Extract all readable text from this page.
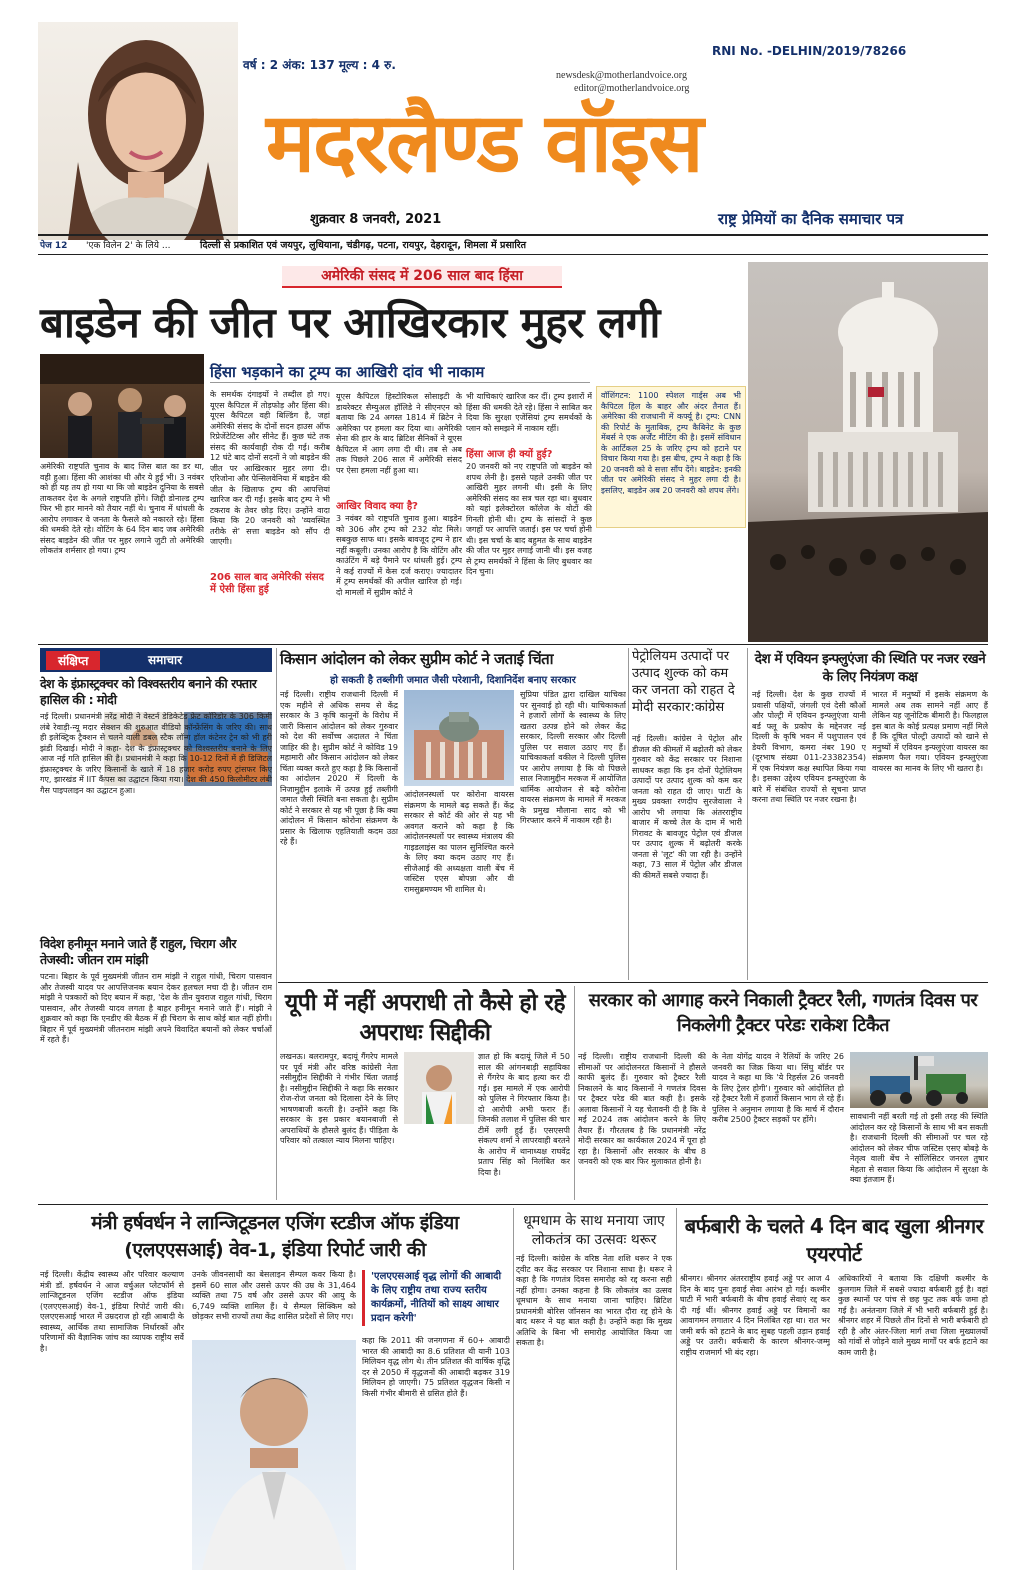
वर्ष : 2 अंक: 137 मूल्य : 4 रु.
RNI No. -DELHIN/2019/78266
newsdesk@motherlandvoice.org
editor@motherlandvoice.org
मदरलैण्ड वॉइस
शुक्रवार 8 जनवरी, 2021	राष्ट्र प्रेमियों का दैनिक समाचार पत्र
पेज 12 'एक विलेन 2' के लिये ...	दिल्ली से प्रकाशित एवं जयपुर, लुधियाना, चंडीगढ़, पटना, रायपुर, देहरादून, शिमला में प्रसारित
अमेरिकी संसद में 206 साल बाद हिंसा
बाइडेन की जीत पर आखिरकार मुहर लगी
हिंसा भड़काने का ट्रम्प का आखिरी दांव भी नाकाम
के समर्थक दंगाइयों ने तब्दील हो गए। यूएस कैपिटल में तोड़फोड़ और हिंसा की। यूएस कैपिटल वही बिल्डिंग है, जहां अमेरिकी संसद के दोनों सदन हाउस ऑफ रिप्रेजेंटेटिव्स और सीनेट हैं। कुछ घंटे तक संसद की कार्यवाही रोक दी गई। करीब 12 घंटे बाद दोनों सदनों ने जो बाइडेन की जीत पर आखिरकार मुहर लगा दी। एरिजोना और पेन्सिलवेनिया में बाइडेन की जीत के खिलाफ ट्रम्प की आपत्तियां खारिज कर दी गईं। इसके बाद ट्रम्प ने भी टकराव के तेवर छोड़ दिए। उन्होंने वादा किया कि 20 जनवरी को 'व्यवस्थित तरीके से' सत्ता बाइडेन को सौंप दी जाएगी।
206 साल बाद अमेरिकी संसद में ऐसी हिंसा हुई
अमेरिकी राष्ट्रपति चुनाव के बाद जिस बात का डर था, वही हुआ। हिंसा की आशंका थी और ये हुई भी। 3 नवंबर को ही यह तय हो गया था कि जो बाइडेन दुनिया के सबसे ताकतवर देश के अगले राष्ट्रपति होंगे। जिद्दी डोनाल्ड ट्रम्प फिर भी हार मानने को तैयार नहीं थे। चुनाव में धांधली के आरोप लगाकर वे जनता के फैसले को नकारते रहे। हिंसा की धमकी देते रहे। वोटिंग के 64 दिन बाद जब अमेरिकी संसद बाइडेन की जीत पर मुहर लगाने जुटी तो अमेरिकी लोकतंत्र शर्मसार हो गया। ट्रम्प
यूएस कैपिटल हिस्टोरिकल सोसाइटी के डायरेक्टर सैम्युअल हॉलिडे ने सीएनएन को बताया कि 24 अगस्त 1814 में ब्रिटेन ने अमेरिका पर हमला कर दिया था। अमेरिकी सेना की हार के बाद ब्रिटिश सैनिकों ने यूएस कैपिटल में आग लगा दी थी। तब से अब तक पिछले 206 साल में अमेरिकी संसद पर ऐसा हमला नहीं हुआ था।
आखिर विवाद क्या है?
3 नवंबर को राष्ट्रपति चुनाव हुआ। बाइडेन को 306 और ट्रम्प को 232 वोट मिले। सबकुछ साफ था। इसके बावजूद ट्रम्प ने हार नहीं कबूली। उनका आरोप है कि वोटिंग और काउंटिंग में बड़े पैमाने पर धांधली हुई। ट्रम्प ने कई राज्यों में केस दर्ज कराए। ज्यादातर में ट्रम्प समर्थकों की अपील खारिज हो गई। दो मामलों में सुप्रीम कोर्ट ने
भी याचिकाएं खारिज कर दीं। ट्रम्प इशारों में हिंसा की धमकी देते रहे। हिंसा ने साबित कर दिया कि सुरक्षा एजेंसियां ट्रम्प समर्थकों के प्लान को समझने में नाकाम रहीं।
हिंसा आज ही क्यों हुई?
20 जनवरी को नए राष्ट्रपति जो बाइडेन को शपथ लेनी है। इससे पहले उनकी जीत पर आखिरी मुहर लगनी थी। इसी के लिए अमेरिकी संसद का सत्र चल रहा था। बुधवार को यहां इलेक्टोरल कॉलेज के वोटों की गिनती होनी थी। ट्रम्प के सांसदों ने कुछ जगहों पर आपत्ति जताई। इस पर चर्चा होनी थी। इस चर्चा के बाद बहुमत के साथ बाइडेन की जीत पर मुहर लगाई जानी थी। इस वजह से ट्रम्प समर्थकों ने हिंसा के लिए बुधवार का दिन चुना।
वॉशिंगटन: 1100 स्पेशल गार्ड्स अब भी कैपिटल हिल के बाहर और अंदर तैनात हैं। अमेरिका की राजधानी में कर्फ्यू है। ट्रम्प: CNN की रिपोर्ट के मुताबिक, ट्रम्प कैबिनेट के कुछ मेंबर्स ने एक अर्जेंट मीटिंग की है। इसमें संविधान के आर्टिकल 25 के जरिए ट्रम्प को हटाने पर विचार किया गया है। इस बीच, ट्रम्प ने कहा है कि 20 जनवरी को वे सत्ता सौंप देंगे। बाइडेन: इनकी जीत पर अमेरिकी संसद ने मुहर लगा दी है। इसलिए, बाइडेन अब 20 जनवरी को शपथ लेंगे।
संक्षिप्त	समाचार
देश के इंफ्रास्ट्रक्चर को विश्वस्तरीय बनाने की रफ्तार हासिल की : मोदी
नई दिल्ली। प्रधानमंत्री नरेंद्र मोदी ने वेस्टर्न डेडिकेटेड फ्रेट कॉरिडोर के 306 किमी लंबे रेवाड़ी-न्यू मदार सेक्शन की शुरुआत वीडियो कॉन्फ्रेंसिंग के जरिए की। साथ ही इलेक्ट्रिक ट्रैक्शन से चलने वाली डबल स्टैक लॉन्ग हॉल कंटेनर ट्रेन को भी हरी झंडी दिखाई। मोदी ने कहा- देश के इंफ्रास्ट्रक्चर को विश्वस्तरीय बनाने के लिए आज नई गति हासिल की है। प्रधानमंत्री ने कहा कि 10-12 दिनों में ही डिजिटल इंफ्रास्ट्रक्चर के जरिए किसानों के खाते में 18 हजार करोड़ रुपए ट्रांसफर किए गए, झारखंड में IIT कैंपस का उद्घाटन किया गया। देश की 450 किलोमीटर लंबी गैस पाइपलाइन का उद्घाटन हुआ।
विदेश हनीमून मनाने जाते हैं राहुल, चिराग और तेजस्वी: जीतन राम मांझी
पटना। बिहार के पूर्व मुख्यमंत्री जीतन राम मांझी ने राहुल गांधी, चिराग पासवान और तेजस्वी यादव पर आपत्तिजनक बयान देकर हलचल मचा दी है। जीतन राम मांझी ने पत्रकारों को दिए बयान में कहा, 'देश के तीन युवराज राहुल गांधी, चिराग पासवान, और तेजस्वी यादव लगता है बाहर हनीमून मनाने जाते हैं'। मांझी ने शुक्रवार को कहा कि एनडीए की बैठक में ही चिराग के साथ कोई बात नहीं होगी। बिहार में पूर्व मुख्यमंत्री जीतनराम मांझी अपने विवादित बयानों को लेकर चर्चाओं में रहते हैं।
किसान आंदोलन को लेकर सुप्रीम कोर्ट ने जताई चिंता
हो सकती है तब्लीगी जमात जैसी परेशानी, दिशानिर्देश बनाए सरकार
नई दिल्ली। राष्ट्रीय राजधानी दिल्ली में एक महीने से अधिक समय से केंद्र सरकार के 3 कृषि कानूनों के विरोध में जारी किसान आंदोलन को लेकर गुरुवार को देश की सर्वोच्च अदालत ने चिंता जाहिर की है। सुप्रीम कोर्ट ने कोविड 19 महामारी और किसान आंदोलन को लेकर चिंता व्यक्त करते हुए कहा है कि किसानों का आंदोलन 2020 में दिल्ली के निजामुद्दीन इलाके में उत्पन्न हुई तब्लीगी जमात जैसी स्थिति बना सकता है। सुप्रीम कोर्ट ने सरकार से यह भी पूछा है कि क्या आंदोलन में किसान कोरोना संक्रमण के प्रसार के खिलाफ एहतियाती कदम उठा रहे हैं।
आंदोलनस्थलों पर कोरोना वायरस संक्रमण के मामले बढ़ सकते हैं। केंद्र सरकार से कोर्ट की ओर से यह भी अवगत कराने को कहा है कि आंदोलनस्थलों पर स्वास्थ्य मंत्रालय की गाइडलाइंस का पालन सुनिश्चित करने के लिए क्या कदम उठाए गए हैं। सीजेआई की अध्यक्षता वाली बेंच में जस्टिस एएस बोपन्ना और वी रामसुब्रमण्यम भी शामिल थे।
सुप्रिया पंडित द्वारा दाखिल याचिका पर सुनवाई हो रही थी। याचिकाकर्ता ने हजारों लोगों के स्वास्थ्य के लिए खतरा उत्पन्न होने को लेकर केंद्र सरकार, दिल्ली सरकार और दिल्ली पुलिस पर सवाल उठाए गए हैं। याचिकाकर्ता वकील ने दिल्ली पुलिस पर आरोप लगाया है कि वो पिछले साल निजामुद्दीन मरकज में आयोजित धार्मिक आयोजन से बढ़े कोरोना वायरस संक्रमण के मामले में मरकज के प्रमुख मौलाना साद को भी गिरफ्तार करने में नाकाम रही है।
पेट्रोलियम उत्पादों पर उत्पाद शुल्क को कम कर जनता को राहत दे मोदी सरकार:कांग्रेस
नई दिल्ली। कांग्रेस ने पेट्रोल और डीजल की कीमतों में बढ़ोतरी को लेकर गुरुवार को केंद्र सरकार पर निशाना साधकर कहा कि इन दोनों पेट्रोलियम उत्पादों पर उत्पाद शुल्क को कम कर जनता को राहत दी जाए। पार्टी के मुख्य प्रवक्ता रणदीप सुरजेवाला ने आरोप भी लगाया कि अंतरराष्ट्रीय बाजार में कच्चे तेल के दाम में भारी गिरावट के बावजूद पेट्रोल एवं डीजल पर उत्पाद शुल्क में बढ़ोतरी करके जनता से 'लूट' की जा रही है। उन्होंने कहा, 73 साल में पेट्रोल और डीजल की कीमतें सबसे ज्यादा हैं।
देश में एवियन इन्फ्लुएंजा की स्थिति पर नजर रखने के लिए नियंत्रण कक्ष
नई दिल्ली। देश के कुछ राज्यों में प्रवासी पक्षियों, जंगली एवं देसी कौओं और पोल्ट्री में एवियन इन्फ्लुएंजा यानी बर्ड फ्लू के प्रकोप के मद्देनजर नई दिल्ली के कृषि भवन में पशुपालन एवं डेयरी विभाग, कमरा नंबर 190 ए (दूरभाष संख्या 011-23382354) में एक नियंत्रण कक्ष स्थापित किया गया है। इसका उद्देश्य एवियन इन्फ्लुएंजा के बारे में संबंधित राज्यों से सूचना प्राप्त करना तथा स्थिति पर नजर रखना है।
भारत में मनुष्यों में इसके संक्रमण के मामले अब तक सामने नहीं आए हैं लेकिन यह जूनोटिक बीमारी है। फिलहाल इस बात के कोई प्रत्यक्ष प्रमाण नहीं मिले हैं कि दूषित पोल्ट्री उत्पादों को खाने से मनुष्यों में एवियन इन्फ्लुएंजा वायरस का संक्रमण फैल गया। एवियन इन्फ्लुएंजा वायरस का मानव के लिए भी खतरा है।
यूपी में नहीं अपराधी तो कैसे हो रहे अपराधः सिद्दीकी
लखनऊ। बलरामपुर, बदायूं गैंगरेप मामले पर पूर्व मंत्री और वरिष्ठ कांग्रेसी नेता नसीमुद्दीन सिद्दीकी ने गंभीर चिंता जताई है। नसीमुद्दीन सिद्दीकी ने कहा कि सरकार रोज-रोज जनता को दिलासा देने के लिए भाषणबाजी करती है। उन्होंने कहा कि सरकार के इस प्रकार बयानबाजी से अपराधियों के हौसले बुलंद हैं। पीड़िता के परिवार को तत्काल न्याय मिलना चाहिए।
ज्ञात हो कि बदायूं जिले में 50 साल की आंगनबाड़ी सहायिका से गैंगरेप के बाद हत्या कर दी गई। इस मामले में एक आरोपी को पुलिस ने गिरफ्तार किया है। दो आरोपी अभी फरार हैं। जिनकी तलाश में पुलिस की चार टीमें लगी हुई हैं। एसएसपी संकल्प शर्मा ने लापरवाही बरतने के आरोप में थानाध्यक्ष राघवेंद्र प्रताप सिंह को निलंबित कर दिया है।
सरकार को आगाह करने निकाली ट्रैक्टर रैली, गणतंत्र दिवस पर निकलेगी ट्रैक्टर परेडः राकेश टिकैत
नई दिल्ली। राष्ट्रीय राजधानी दिल्ली की सीमाओं पर आंदोलनरत किसानों ने हौसले काफी बुलंद हैं। गुरुवार को ट्रैक्टर रैली निकालने के बाद किसानों ने गणतंत्र दिवस पर ट्रैक्टर परेड की बात कही है। इसके अलावा किसानों ने यह चेतावनी दी है कि वे मई 2024 तक आंदोलन करने के लिए तैयार हैं। गौरतलब है कि प्रधानमंत्री नरेंद्र मोदी सरकार का कार्यकाल 2024 में पूरा हो रहा है। किसानों और सरकार के बीच 8 जनवरी को एक बार फिर मुलाकात होनी है।
के नेता योगेंद्र यादव ने रैलियों के जरिए 26 जनवरी का जिक्र किया था। सिंघु बॉर्डर पर यादव ने कहा था कि 'ये रिहर्सल 26 जनवरी के लिए ट्रेलर होगी'। गुरुवार को आंदोलित हो रहे ट्रैक्टर रैली में हजारों किसान भाग ले रहे हैं। पुलिस ने अनुमान लगाया है कि मार्च में दौरान करीब 2500 ट्रैक्टर सड़कों पर होंगे।	सावधानी नहीं बरती गई तो इसी तरह की स्थिति आंदोलन कर रहे किसानों के साथ भी बन सकती है। राजधानी दिल्ली की सीमाओं पर चल रहे आंदोलन को लेकर चीफ जस्टिस एसए बोबड़े के नेतृत्व वाली बेंच ने सॉलिसिटर जनरल तुषार मेहता से सवाल किया कि आंदोलन में सुरक्षा के क्या इंतजाम हैं।
मंत्री हर्षवर्धन ने लान्जिटूडनल एजिंग स्टडीज ऑफ इंडिया (एलएएसआई) वेव-1, इंडिया रिपोर्ट जारी की
नई दिल्ली। केंद्रीय स्वास्थ्य और परिवार कल्याण मंत्री डॉ. हर्षवर्धन ने आज वर्चुअल प्लेटफॉर्म से लान्जिटूडनल एजिंग स्टडीज ऑफ इंडिया (एलएएसआई) वेव-1, इंडिया रिपोर्ट जारी की। एलएएसआई भारत में उम्रदराज हो रही आबादी के स्वास्थ्य, आर्थिक तथा सामाजिक निर्धारकों और परिणामों की वैज्ञानिक जांच का व्यापक राष्ट्रीय सर्वे है।
उनके जीवनसाथी का बेसलाइन सैम्पल कवर किया है। इसमें 60 साल और उससे ऊपर की उम्र के 31,464 व्यक्ति तथा 75 वर्ष और उससे ऊपर की आयु के 6,749 व्यक्ति शामिल हैं। ये सैम्पल सिक्किम को छोड़कर सभी राज्यों तथा केंद्र शासित प्रदेशों से लिए गए।
'एलएएसआई वृद्ध लोगों की आबादी के लिए राष्ट्रीय तथा राज्य स्तरीय कार्यक्रमों, नीतियों को साक्ष्य आधार प्रदान करेगी'
कहा कि 2011 की जनगणना में 60+ आबादी भारत की आबादी का 8.6 प्रतिशत थी यानी 103 मिलियन वृद्ध लोग थे। तीन प्रतिशत की वार्षिक वृद्धि दर से 2050 में वृद्धजनों की आबादी बढ़कर 319 मिलियन हो जाएगी। 75 प्रतिशत वृद्धजन किसी न किसी गंभीर बीमारी से ग्रसित होते हैं।
धूमधाम के साथ मनाया जाए लोकतंत्र का उत्सवः थरूर
नई दिल्ली। कांग्रेस के वरिष्ठ नेता शशि थरूर ने एक ट्वीट कर केंद्र सरकार पर निशाना साधा है। थरूर ने कहा है कि गणतंत्र दिवस समारोह को रद्द करना सही नहीं होगा। उनका कहना है कि लोकतंत्र का उत्सव धूमधाम के साथ मनाया जाना चाहिए। ब्रिटिश प्रधानमंत्री बोरिस जॉनसन का भारत दौरा रद्द होने के बाद थरूर ने यह बात कही है। उन्होंने कहा कि मुख्य अतिथि के बिना भी समारोह आयोजित किया जा सकता है।
बर्फबारी के चलते 4 दिन बाद खुला श्रीनगर एयरपोर्ट
श्रीनगर। श्रीनगर अंतरराष्ट्रीय हवाई अड्डे पर आज 4 दिन के बाद पुनः हवाई सेवा आरंभ हो गई। कश्मीर घाटी में भारी बर्फबारी के बीच हवाई सेवाएं रद्द कर दी गई थीं। श्रीनगर हवाई अड्डे पर विमानों का आवागमन लगातार 4 दिन निलंबित रहा था। रात भर जमी बर्फ को हटाने के बाद सुबह पहली उड़ान हवाई अड्डे पर उतरी। बर्फबारी के कारण श्रीनगर-जम्मू राष्ट्रीय राजमार्ग भी बंद रहा।
अधिकारियों ने बताया कि दक्षिणी कश्मीर के कुलगाम जिले में सबसे ज्यादा बर्फबारी हुई है। वहां कुछ स्थानों पर पांच से छह फुट तक बर्फ जमा हो गई है। अनंतनाग जिले में भी भारी बर्फबारी हुई है। श्रीनगर शहर में पिछले तीन दिनों से भारी बर्फबारी हो रही है और अंतर-जिला मार्ग तथा जिला मुख्यालयों को गांवों से जोड़ने वाले मुख्य मार्गों पर बर्फ हटाने का काम जारी है।
